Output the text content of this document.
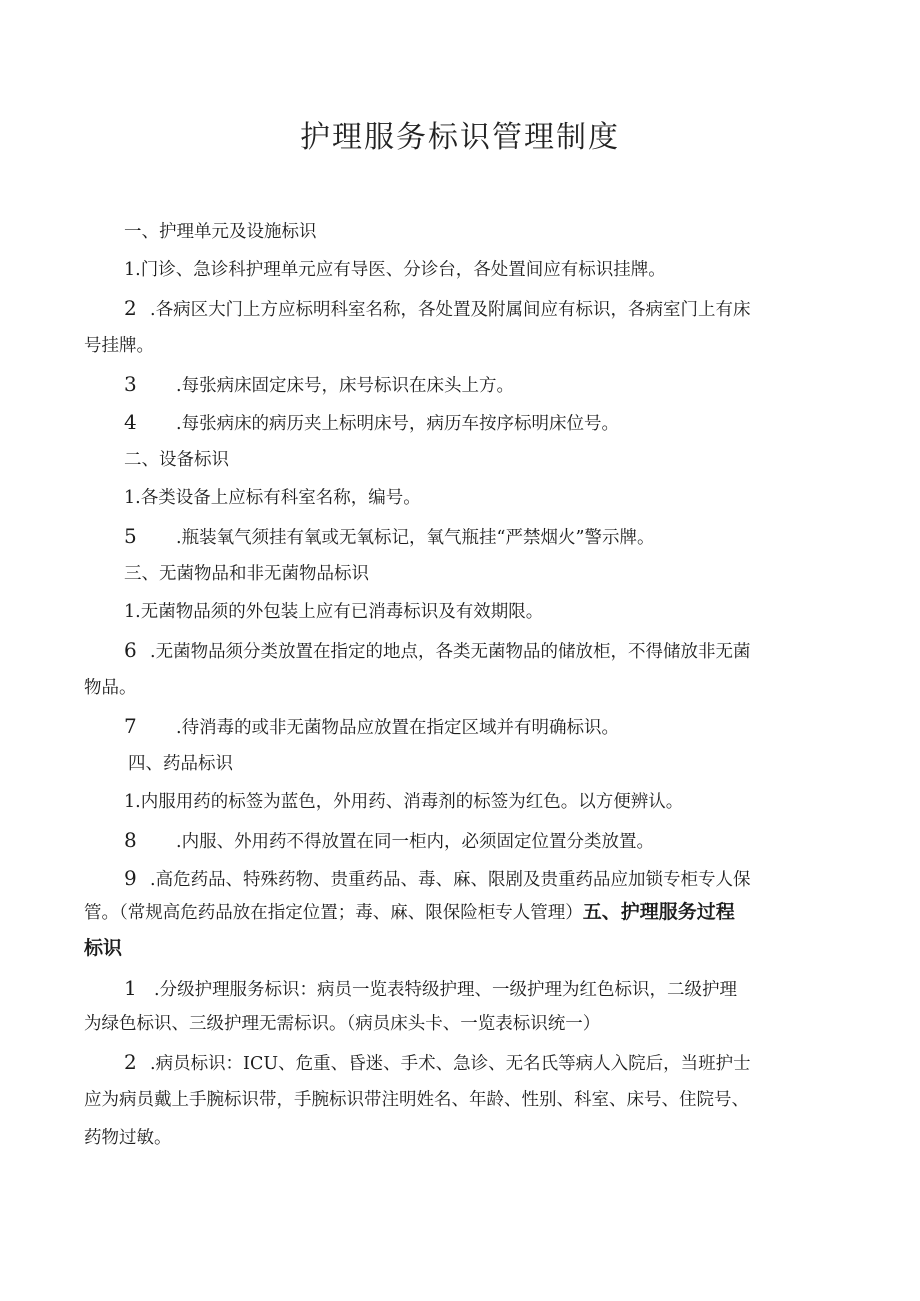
护理服务标识管理制度
一、护理单元及设施标识
1.门诊、急诊科护理单元应有导医、分诊台，各处置间应有标识挂牌。
2 .各病区大门上方应标明科室名称，各处置及附属间应有标识，各病室门上有床
号挂牌。
3 .每张病床固定床号，床号标识在床头上方。
4 .每张病床的病历夹上标明床号，病历车按序标明床位号。
二、设备标识
1.各类设备上应标有科室名称，编号。
5 .瓶装氧气须挂有氧或无氧标记，氧气瓶挂“严禁烟火”警示牌。
三、无菌物品和非无菌物品标识
1.无菌物品须的外包装上应有已消毒标识及有效期限。
6 .无菌物品须分类放置在指定的地点，各类无菌物品的储放柜，不得储放非无菌
物品。
7 .待消毒的或非无菌物品应放置在指定区域并有明确标识。
四、药品标识
1.内服用药的标签为蓝色，外用药、消毒剂的标签为红色。以方便辨认。
8 .内服、外用药不得放置在同一柜内，必须固定位置分类放置。
9 .高危药品、特殊药物、贵重药品、毒、麻、限剧及贵重药品应加锁专柜专人保
管。（常规高危药品放在指定位置；毒、麻、限保险柜专人管理）五、护理服务过程
标识
1 .分级护理服务标识：病员一览表特级护理、一级护理为红色标识，二级护理
为绿色标识、三级护理无需标识。（病员床头卡、一览表标识统一）
2 .病员标识：ICU、危重、昏迷、手术、急诊、无名氏等病人入院后，当班护士
应为病员戴上手腕标识带，手腕标识带注明姓名、年龄、性别、科室、床号、住院号、
药物过敏。
